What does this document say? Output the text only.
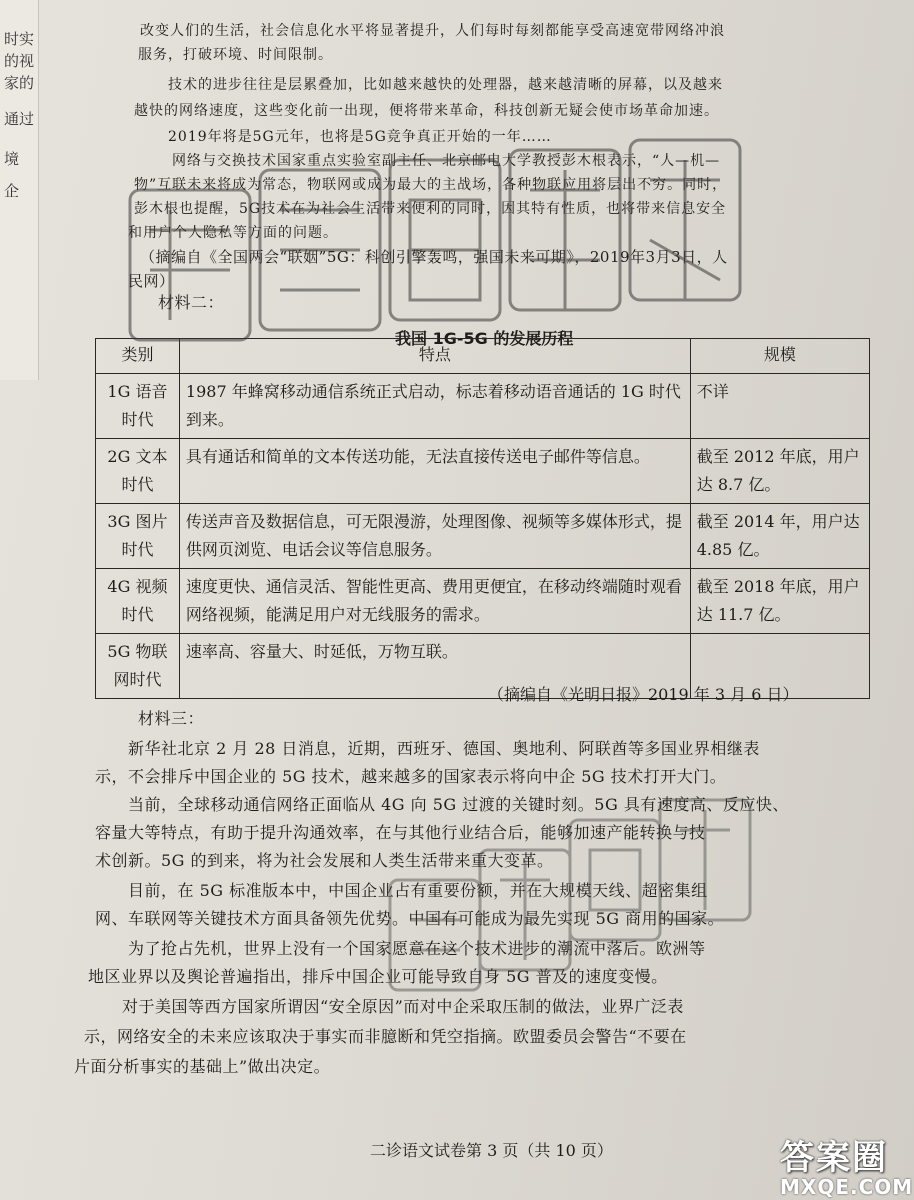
时实
的视
家的
通过
境
企
改变人们的生活，社会信息化水平将显著提升，人们每时每刻都能享受高速宽带网络冲浪
服务，打破环境、时间限制。
技术的进步往往是层累叠加，比如越来越快的处理器，越来越清晰的屏幕，以及越来
越快的网络速度，这些变化前一出现，便将带来革命，科技创新无疑会使市场革命加速。
2019年将是5G元年，也将是5G竞争真正开始的一年……
网络与交换技术国家重点实验室副主任、北京邮电大学教授彭木根表示，“人—机—
物”互联未来将成为常态，物联网或成为最大的主战场，各种物联应用将层出不穷。同时，
彭木根也提醒，5G技术在为社会生活带来便利的同时，因其特有性质，也将带来信息安全
和用户个人隐私等方面的问题。
（摘编自《全国两会“联姻”5G：科创引擎轰鸣，强国未来可期》，2019年3月3日，人
民网）
材料二：
我国 1G-5G 的发展历程
类别	特点	规模
1G 语音时代	1987 年蜂窝移动通信系统正式启动，标志着移动语音通话的 1G 时代到来。	不详
2G 文本时代	具有通话和简单的文本传送功能，无法直接传送电子邮件等信息。	截至 2012 年底，用户达 8.7 亿。
3G 图片时代	传送声音及数据信息，可无限漫游，处理图像、视频等多媒体形式，提供网页浏览、电话会议等信息服务。	截至 2014 年，用户达 4.85 亿。
4G 视频时代	速度更快、通信灵活、智能性更高、费用更便宜，在移动终端随时观看网络视频，能满足用户对无线服务的需求。	截至 2018 年底，用户达 11.7 亿。
5G 物联网时代	速率高、容量大、时延低，万物互联。	
（摘编自《光明日报》2019 年 3 月 6 日）
材料三：
新华社北京 2 月 28 日消息，近期，西班牙、德国、奥地利、阿联酋等多国业界相继表
示，不会排斥中国企业的 5G 技术，越来越多的国家表示将向中企 5G 技术打开大门。
当前，全球移动通信网络正面临从 4G 向 5G 过渡的关键时刻。5G 具有速度高、反应快、
容量大等特点，有助于提升沟通效率，在与其他行业结合后，能够加速产能转换与技
术创新。5G 的到来，将为社会发展和人类生活带来重大变革。
目前，在 5G 标准版本中，中国企业占有重要份额，并在大规模天线、超密集组
网、车联网等关键技术方面具备领先优势。中国有可能成为最先实现 5G 商用的国家。
为了抢占先机，世界上没有一个国家愿意在这个技术进步的潮流中落后。欧洲等
地区业界以及舆论普遍指出，排斥中国企业可能导致自身 5G 普及的速度变慢。
对于美国等西方国家所谓因“安全原因”而对中企采取压制的做法，业界广泛表
示，网络安全的未来应该取决于事实而非臆断和凭空指摘。欧盟委员会警告“不要在
片面分析事实的基础上”做出决定。
二诊语文试卷第 3 页（共 10 页）	答案圈
MXQE.COM
